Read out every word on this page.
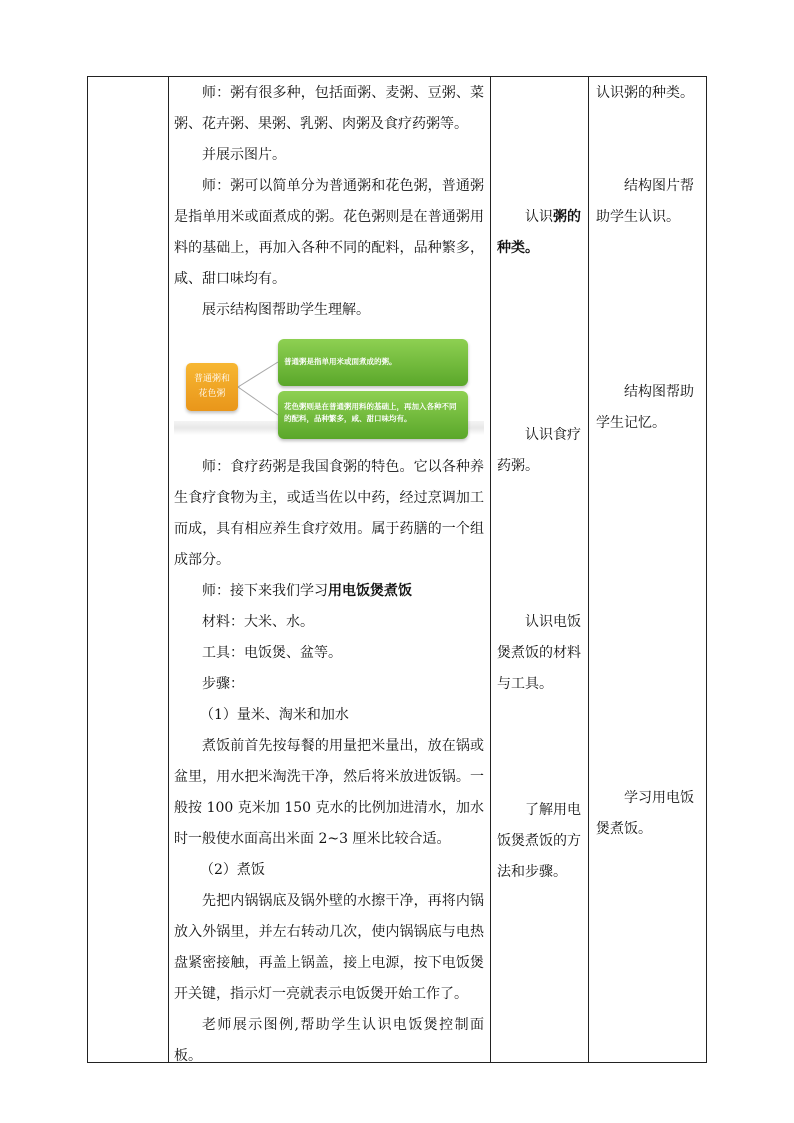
师：粥有很多种，包括面粥、麦粥、豆粥、菜粥、花卉粥、果粥、乳粥、肉粥及食疗药粥等。
并展示图片。
师：粥可以简单分为普通粥和花色粥，普通粥是指单用米或面煮成的粥。花色粥则是在普通粥用料的基础上，再加入各种不同的配料，品种繁多，咸、甜口味均有。
展示结构图帮助学生理解。
普通粥和
花色粥
普通粥是指单用米或面煮成的粥。
花色粥则是在普通粥用料的基础上，再加入各种不同的配料，品种繁多，咸、甜口味均有。
师：食疗药粥是我国食粥的特色。它以各种养生食疗食物为主，或适当佐以中药，经过烹调加工而成，具有相应养生食疗效用。属于药膳的一个组成部分。
师：接下来我们学习用电饭煲煮饭
材料：大米、水。
工具：电饭煲、盆等。
步骤：
（1）量米、淘米和加水
煮饭前首先按每餐的用量把米量出，放在锅或盆里，用水把米淘洗干净，然后将米放进饭锅。一般按 100 克米加 150 克水的比例加进清水，加水时一般使水面高出米面 2~3 厘米比较合适。
（2）煮饭
先把内锅锅底及锅外壁的水擦干净，再将内锅放入外锅里，并左右转动几次，使内锅锅底与电热盘紧密接触，再盖上锅盖，接上电源，按下电饭煲开关键，指示灯一亮就表示电饭煲开始工作了。
老师展示图例,帮助学生认识电饭煲控制面板。
认识粥的种类。
认识食疗药粥。
认识电饭煲煮饭的材料与工具。
了解用电饭煲煮饭的方法和步骤。
认识粥的种类。
结构图片帮助学生认识。
结构图帮助学生记忆。
学习用电饭煲煮饭。
